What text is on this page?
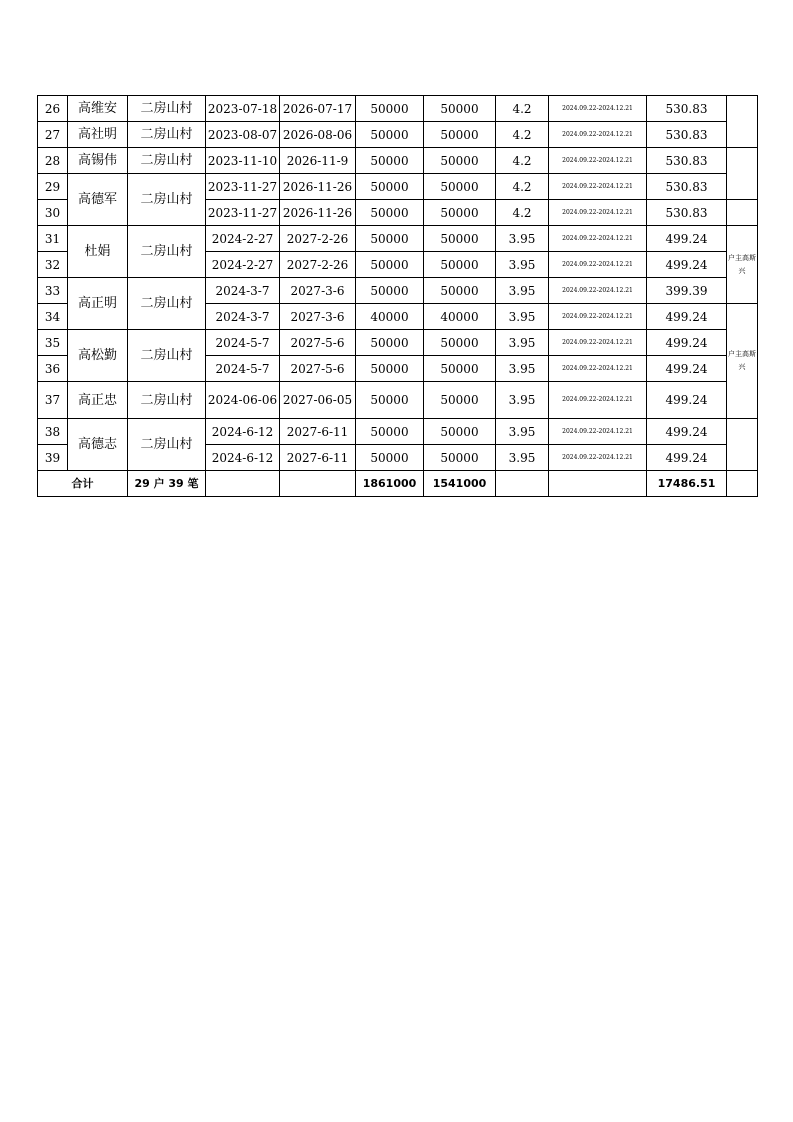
26	高维安	二房山村	2023-07-18	2026-07-17	50000	50000	4.2	2024.09.22-2024.12.21	530.83	
27	高社明	二房山村	2023-08-07	2026-08-06	50000	50000	4.2	2024.09.22-2024.12.21	530.83	
28	高锡伟	二房山村	2023-11-10	2026-11-9	50000	50000	4.2	2024.09.22-2024.12.21	530.83	
29	高德军	二房山村	2023-11-27	2026-11-26	50000	50000	4.2	2024.09.22-2024.12.21	530.83	
30			2023-11-27	2026-11-26	50000	50000	4.2	2024.09.22-2024.12.21	530.83	
31	杜娟	二房山村	2024-2-27	2027-2-26	50000	50000	3.95	2024.09.22-2024.12.21	499.24	户主高斯兴
32			2024-2-27	2027-2-26	50000	50000	3.95	2024.09.22-2024.12.21	499.24	
33	高正明	二房山村	2024-3-7	2027-3-6	50000	50000	3.95	2024.09.22-2024.12.21	399.39	
34			2024-3-7	2027-3-6	40000	40000	3.95	2024.09.22-2024.12.21	499.24	户主高斯兴
35	高松勤	二房山村	2024-5-7	2027-5-6	50000	50000	3.95	2024.09.22-2024.12.21	499.24	
36			2024-5-7	2027-5-6	50000	50000	3.95	2024.09.22-2024.12.21	499.24	
37	高正忠	二房山村	2024-06-06	2027-06-05	50000	50000	3.95	2024.09.22-2024.12.21	499.24	
38	高德志	二房山村	2024-6-12	2027-6-11	50000	50000	3.95	2024.09.22-2024.12.21	499.24	
39			2024-6-12	2027-6-11	50000	50000	3.95	2024.09.22-2024.12.21	499.24	
合计		29 户 39 笔			1861000	1541000			17486.51	
